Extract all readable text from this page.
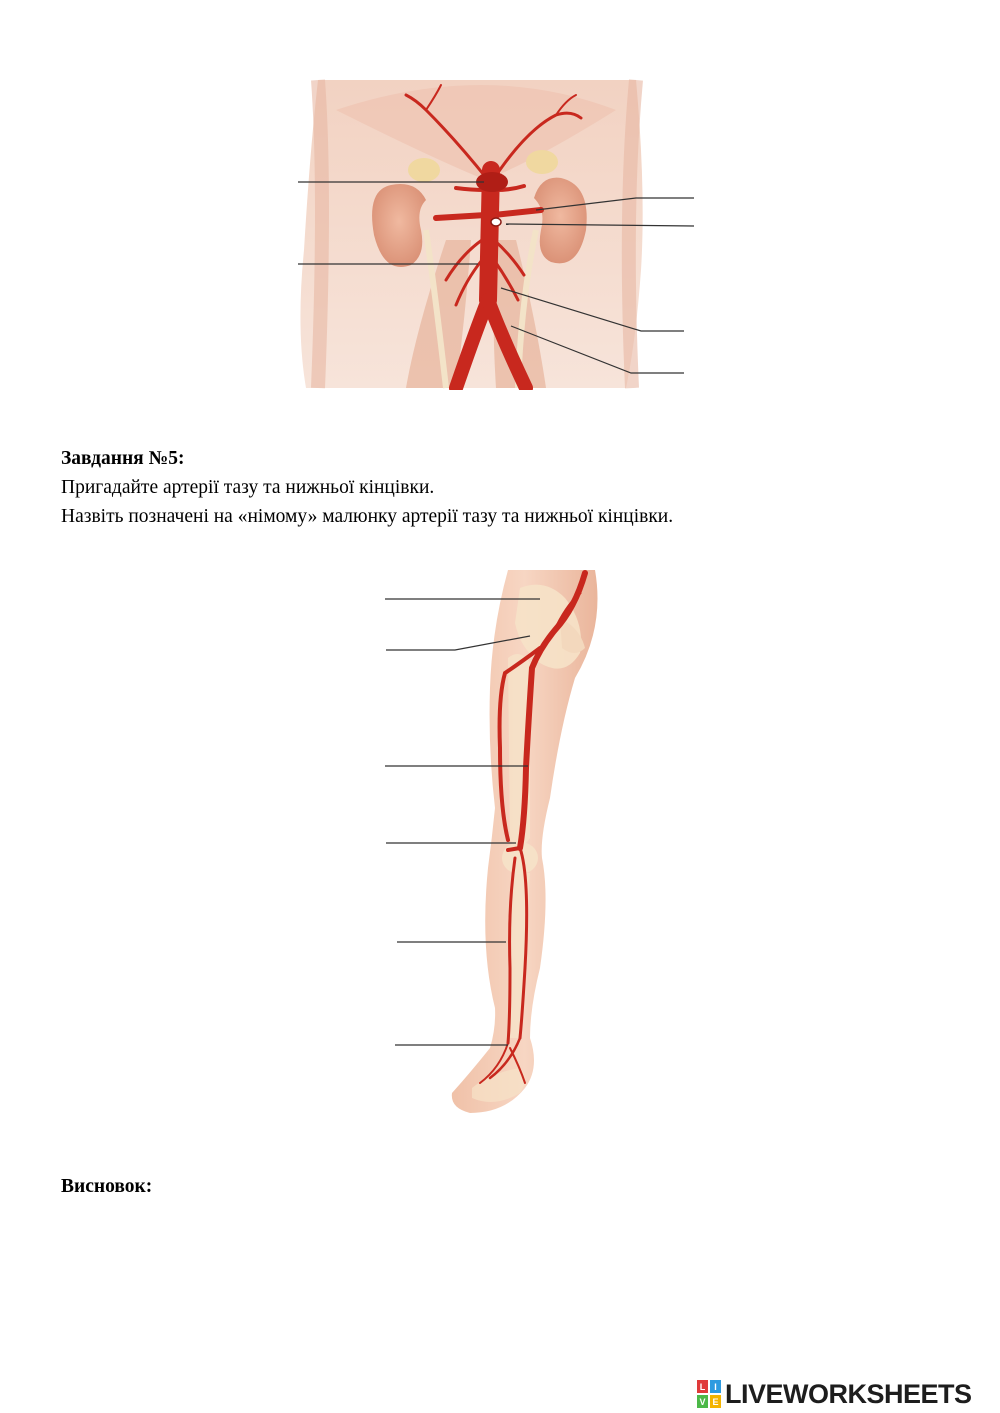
Завдання №5:
Пригадайте артерії тазу та нижньої кінцівки.
Назвіть позначені на «німому» малюнку артерії тазу та нижньої кінцівки.
Висновок:
L I
V E LIVEWORKSHEETS
